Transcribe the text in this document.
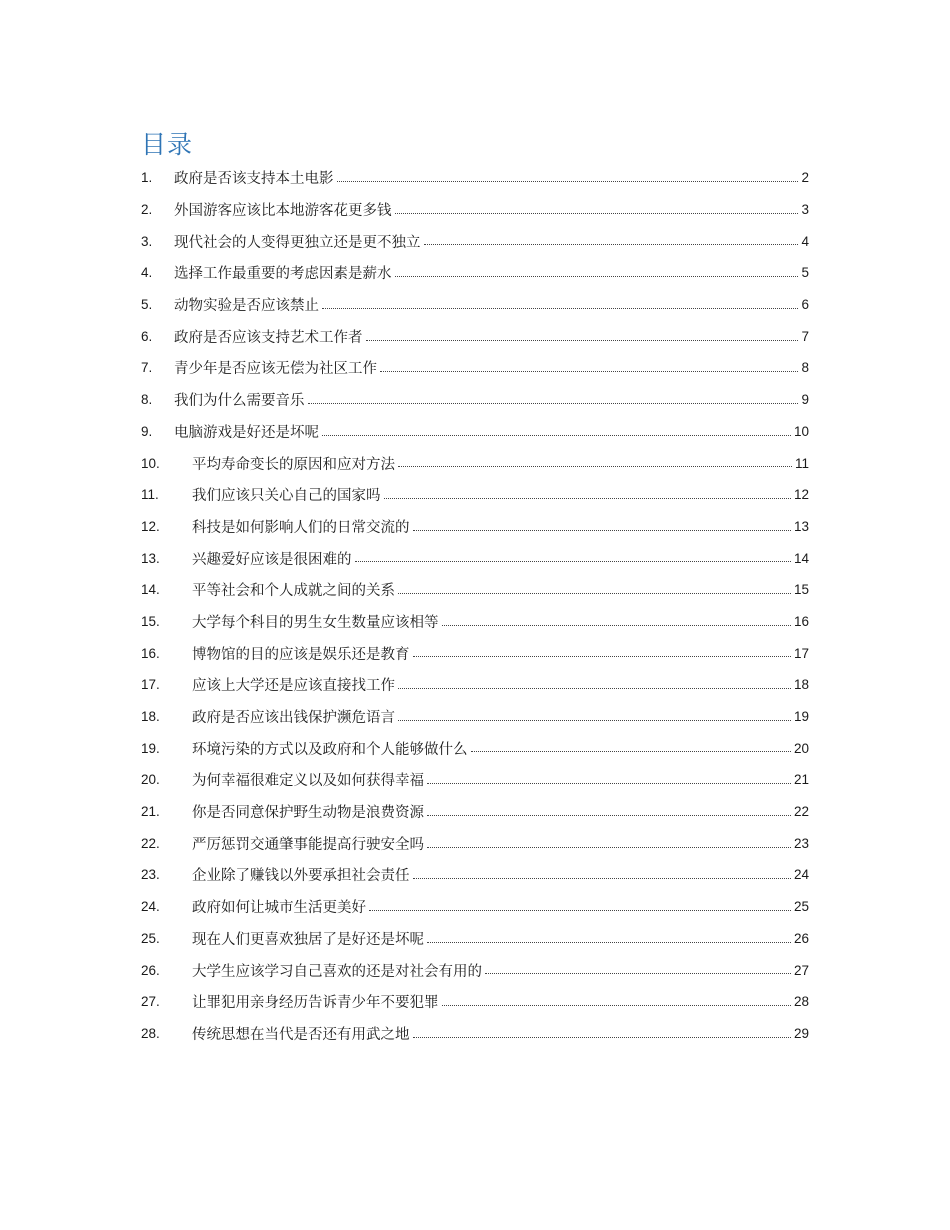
目录
1.	政府是否该支持本土电影	2
2.	外国游客应该比本地游客花更多钱	3
3.	现代社会的人变得更独立还是更不独立	4
4.	选择工作最重要的考虑因素是薪水	5
5.	动物实验是否应该禁止	6
6.	政府是否应该支持艺术工作者	7
7.	青少年是否应该无偿为社区工作	8
8.	我们为什么需要音乐	9
9.	电脑游戏是好还是坏呢	10
10.	平均寿命变长的原因和应对方法	11
11.	我们应该只关心自己的国家吗	12
12.	科技是如何影响人们的日常交流的	13
13.	兴趣爱好应该是很困难的	14
14.	平等社会和个人成就之间的关系	15
15.	大学每个科目的男生女生数量应该相等	16
16.	博物馆的目的应该是娱乐还是教育	17
17.	应该上大学还是应该直接找工作	18
18.	政府是否应该出钱保护濒危语言	19
19.	环境污染的方式以及政府和个人能够做什么	20
20.	为何幸福很难定义以及如何获得幸福	21
21.	你是否同意保护野生动物是浪费资源	22
22.	严厉惩罚交通肇事能提高行驶安全吗	23
23.	企业除了赚钱以外要承担社会责任	24
24.	政府如何让城市生活更美好	25
25.	现在人们更喜欢独居了是好还是坏呢	26
26.	大学生应该学习自己喜欢的还是对社会有用的	27
27.	让罪犯用亲身经历告诉青少年不要犯罪	28
28.	传统思想在当代是否还有用武之地	29
